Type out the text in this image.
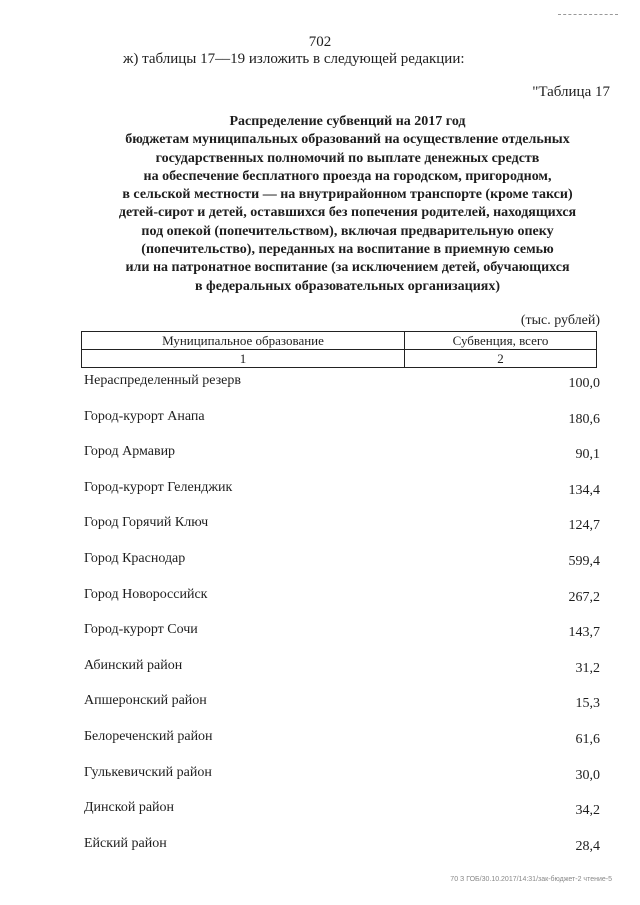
702
ж) таблицы 17––19 изложить в следующей редакции:
"Таблица 17
Распределение субвенций на 2017 год
бюджетам муниципальных образований на осуществление отдельных
государственных полномочий по выплате денежных средств
на обеспечение бесплатного проезда на городском, пригородном,
в сельской местности — на внутрирайонном транспорте (кроме такси)
детей-сирот и детей, оставшихся без попечения родителей, находящихся
под опекой (попечительством), включая предварительную опеку
(попечительство), переданных на воспитание в приемную семью
или на патронатное воспитание (за исключением детей, обучающихся
в федеральных образовательных организациях)
(тыс. рублей)
Муниципальное образование	Субвенция, всего
1	2
Нераспределенный резерв	100,0
Город-курорт Анапа	180,6
Город Армавир	90,1
Город-курорт Геленджик	134,4
Город Горячий Ключ	124,7
Город Краснодар	599,4
Город Новороссийск	267,2
Город-курорт Сочи	143,7
Абинский район	31,2
Апшеронский район	15,3
Белореченский район	61,6
Гулькевичский район	30,0
Динской район	34,2
Ейский район	28,4
70 З ГОБ/30.10.2017/14:31/зак-бюджет-2 чтение-5
